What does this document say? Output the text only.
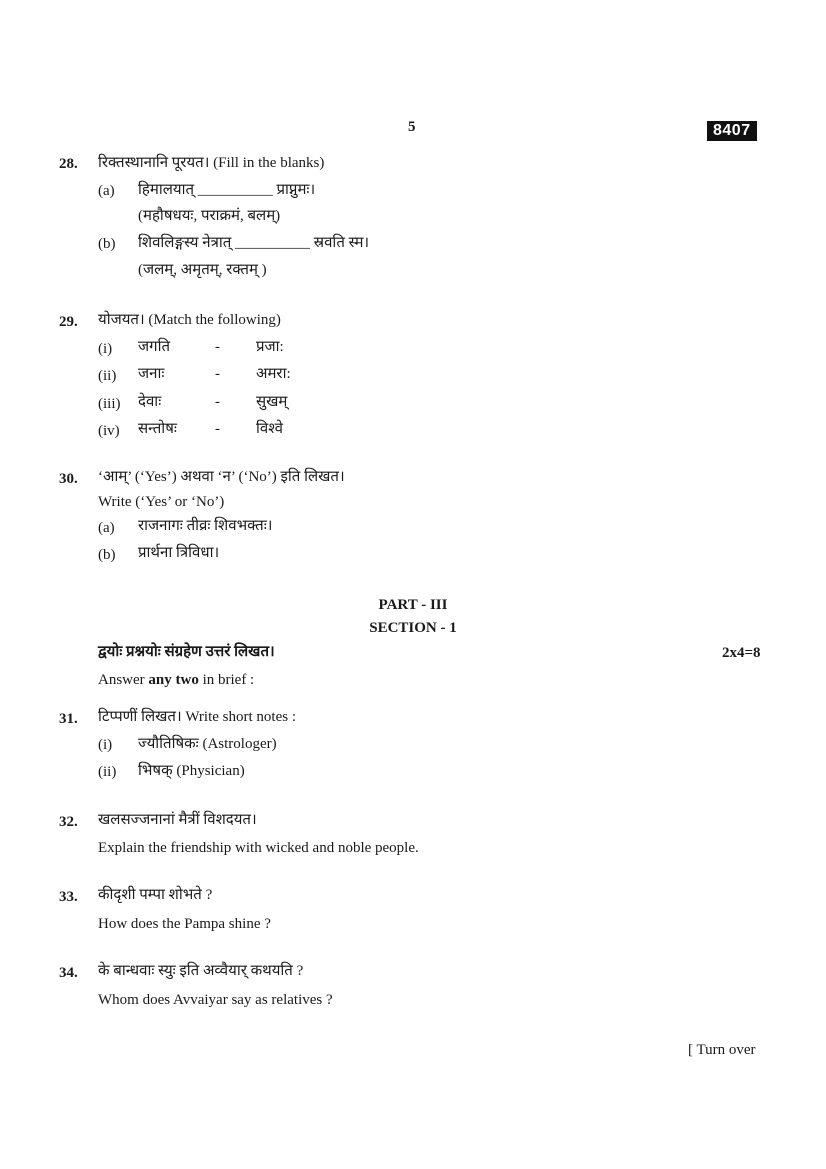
5	8407
28. रिक्तस्थानानि पूरयत। (Fill in the blanks)
(a) हिमालयात् __________ प्राप्नुमः।
(महौषधयः, पराक्रमं, बलम्)
(b) शिवलिङ्गस्य नेत्रात् __________ स्रवति स्म।
(जलम्, अमृतम्, रक्तम् )
29. योजयत। (Match the following)
(i) जगति	- प्रजा:
(ii) जनाः	- अमरा:
(iii) देवाः	- सुखम्
(iv) सन्तोषः	- विश्वे
30. ‘आम्’ (‘Yes’) अथवा ‘न’ (‘No’) इति लिखत।
Write (‘Yes’ or ‘No’)
(a) राजनागः तीव्रः शिवभक्तः।
(b) प्रार्थना त्रिविधा।
PART - III
SECTION - 1
द्वयोः प्रश्नयोः संग्रहेण उत्तरं लिखत।	2x4=8
Answer any two in brief :
31. टिप्पणीं लिखत। Write short notes :
(i) ज्यौतिषिकः (Astrologer)
(ii) भिषक् (Physician)
32. खलसज्जनानां मैत्रीं विशदयत।
Explain the friendship with wicked and noble people.
33. कीदृशी पम्पा शोभते ?
How does the Pampa shine ?
34. के बान्धवाः स्युः इति अव्वैयार् कथयति ?
Whom does Avvaiyar say as relatives ?
[ Turn over
